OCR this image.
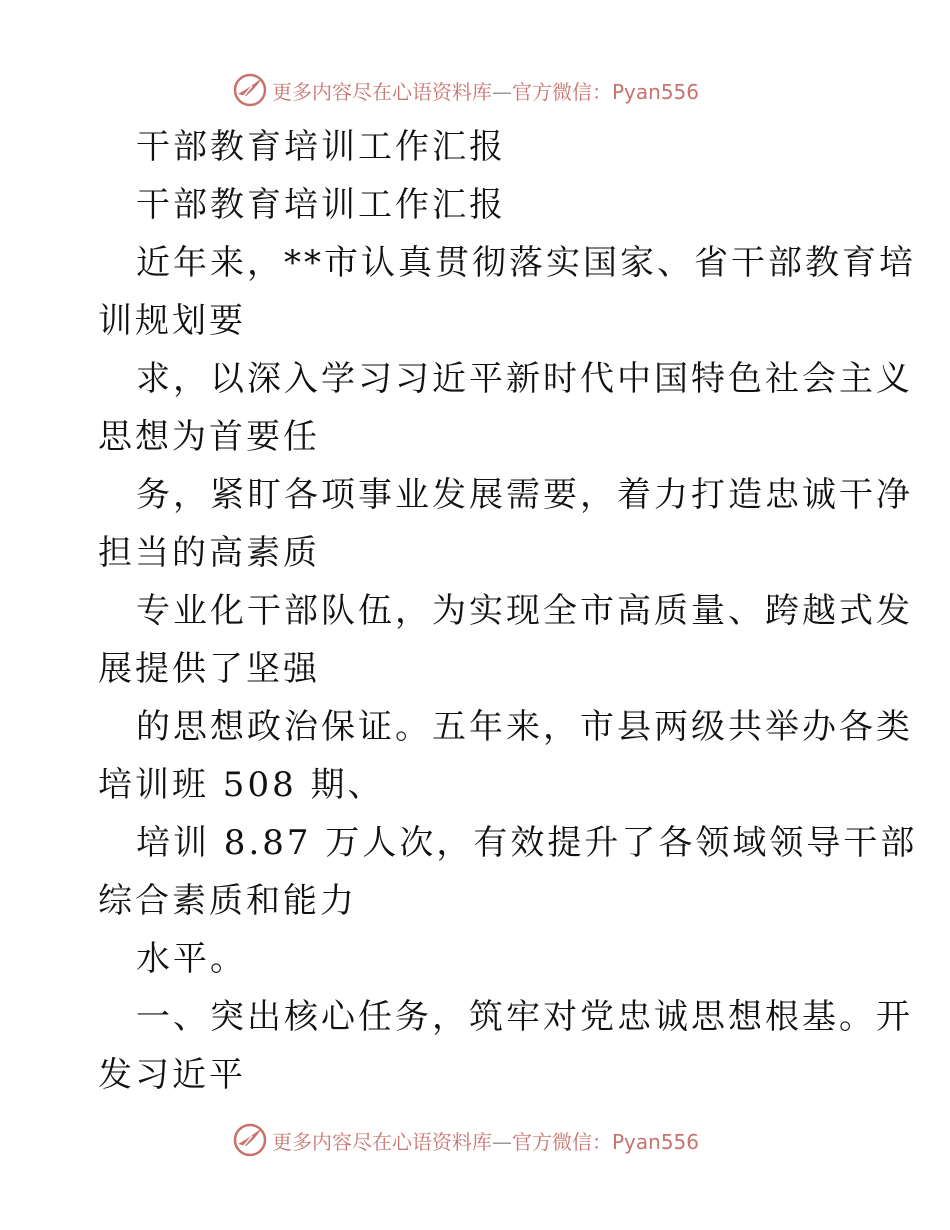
更多内容尽在心语资料库—官方微信：Pyan556
干部教育培训工作汇报
干部教育培训工作汇报
近年来，**市认真贯彻落实国家、省干部教育培
训规划要
求，以深入学习习近平新时代中国特色社会主义
思想为首要任
务，紧盯各项事业发展需要，着力打造忠诚干净
担当的高素质
专业化干部队伍，为实现全市高质量、跨越式发
展提供了坚强
的思想政治保证。五年来，市县两级共举办各类
培训班 508 期、
培训 8.87 万人次，有效提升了各领域领导干部
综合素质和能力
水平。
一、突出核心任务，筑牢对党忠诚思想根基。开
发习近平
更多内容尽在心语资料库—官方微信：Pyan556
